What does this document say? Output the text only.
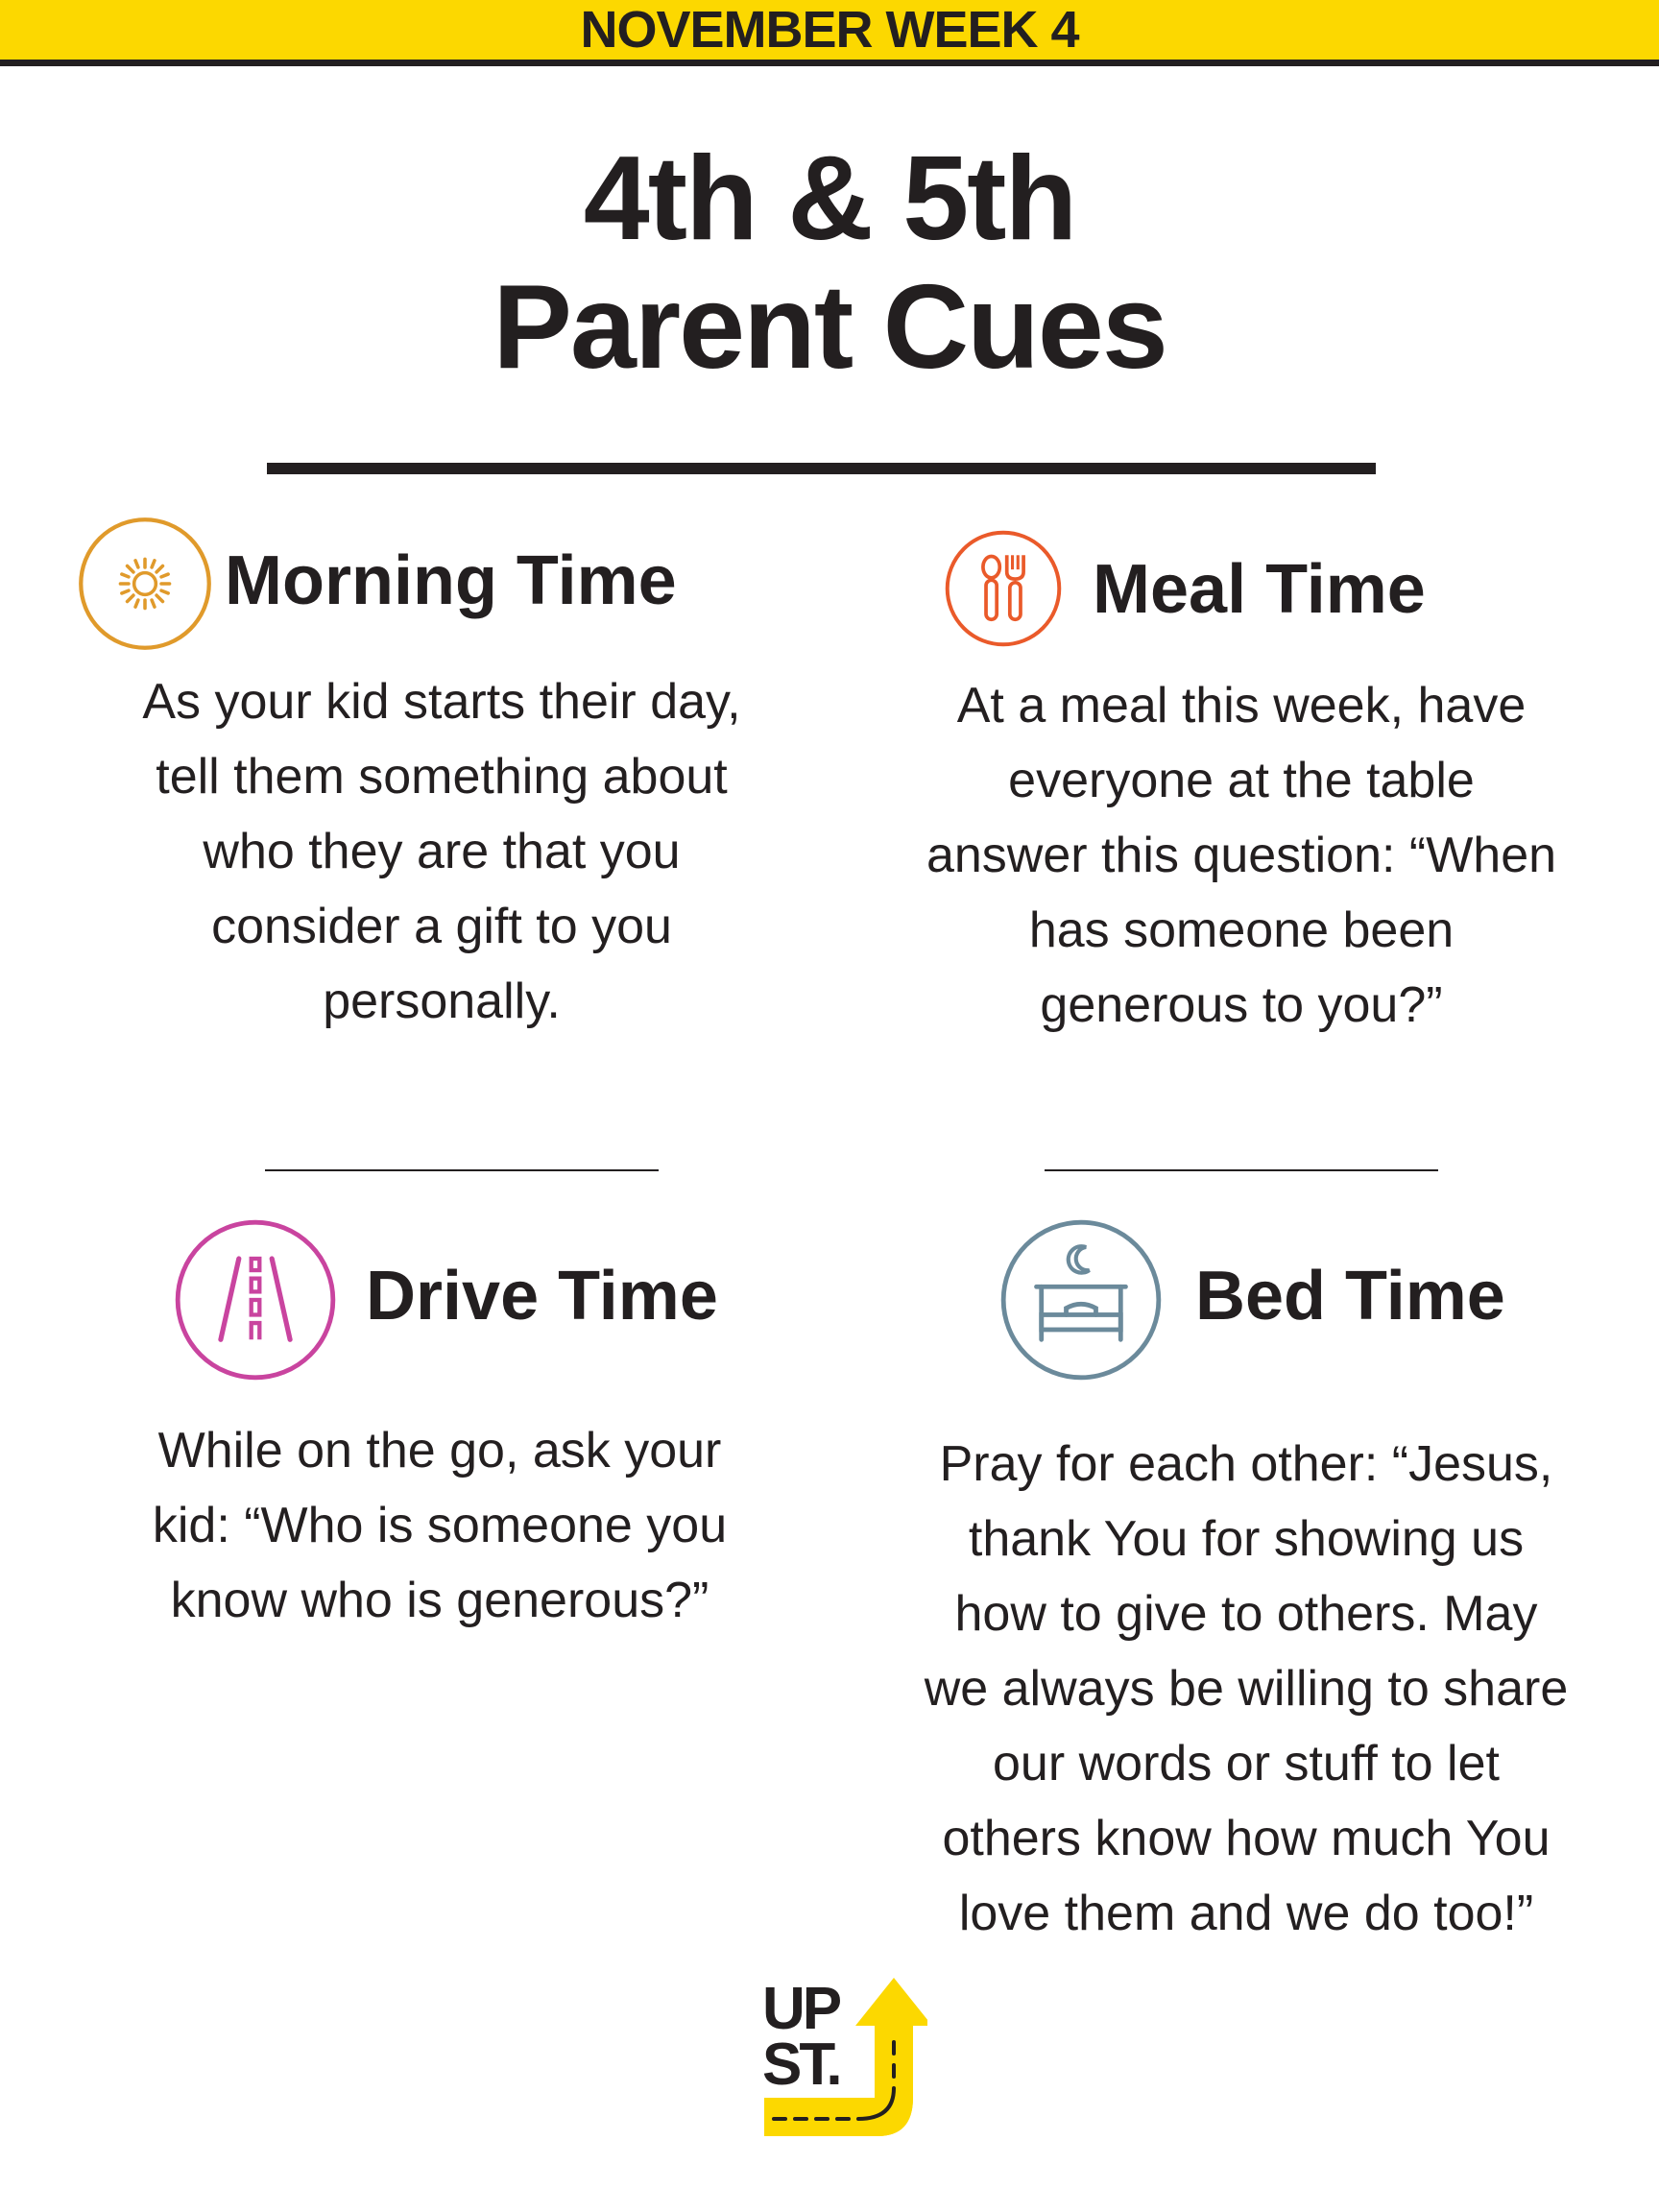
NOVEMBER WEEK 4
4th & 5th
Parent Cues
Morning Time
As your kid starts their day,
tell them something about
who they are that you
consider a gift to you
personally.
Meal Time
At a meal this week, have
everyone at the table
answer this question: “When
has someone been
generous to you?”
Drive Time
While on the go, ask your
kid: “Who is someone you
know who is generous?”
Bed Time
Pray for each other: “Jesus,
thank You for showing us
how to give to others. May
we always be willing to share
our words or stuff to let
others know how much You
love them and we do too!”
UP
ST.
